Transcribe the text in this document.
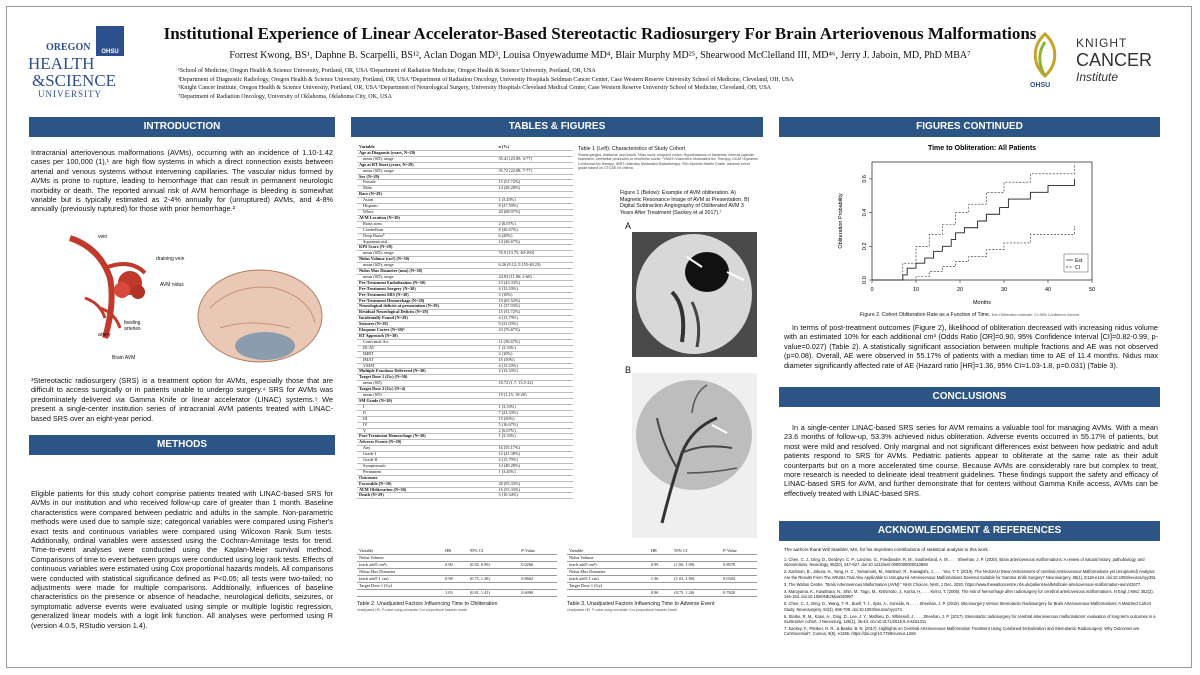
OHSU
OREGON
HEALTH
&SCIENCE
UNIVERSITY
Institutional Experience of Linear Accelerator-Based Stereotactic Radiosurgery For Brain Arteriovenous Malformations
Forrest Kwong, BS¹, Daphne B. Scarpelli, BS¹², Aclan Dogan MD³, Louisa Onyewadume MD⁴, Blair Murphy MD²⁵, Shearwood McClelland III, MD⁴⁶, Jerry J. Jaboin, MD, PhD MBA⁷
¹School of Medicine, Oregon Health & Science University, Portland, OR, USA ²Department of Radiation Medicine, Oregon Health & Science University, Portland, OR, USA
³Department of Diagnostic Radiology, Oregon Health & Science University, Portland, OR, USA ⁴Department of Radiation Oncology, University Hospitals Seidman Cancer Center, Case Western Reserve University School of Medicine, Cleveland, OH, USA
⁵Knight Cancer Institute, Oregon Health & Science University, Portland, OR, USA ⁶Department of Neurological Surgery, University Hospitals Cleveland Medical Center, Case Western Reserve University School of Medicine, Cleveland, OH, USA
⁷Department of Radiation Oncology, University of Oklahoma, Oklahoma City, OK, USA
OHSU
KNIGHT
CANCER
Institute
INTRODUCTION
Intracranial arteriovenous malformations (AVMs), occurring with an incidence of 1.10-1.42 cases per 100,000 (1),¹ are high flow systems in which a direct connection exists between arterial and venous systems without intervening capillaries. The vascular nidus formed by AVMs is prone to rupture, leading to hemorrhage that can result in permanent neurologic morbidity or death. The reported annual risk of AVM hemorrhage is bleeding is somewhat variable but is typically estimated as 2-4% annually for (unruptured) AVMs, and 4-8% annually (previously ruptured) for those with prior hemorrhage.²
vein
draining vein
AVM nidus
feeding arteries
artery
Brain AVM
³Stereotactic radiosurgery (SRS) is a treatment option for AVMs, especially those that are difficult to access surgically or in patients unable to undergo surgery.⁴ SRS for AVMs was predominately delivered via Gamma Knife or linear accelerator (LINAC) systems.⁵ We present a single-center institution series of intracranial AVM patients treated with LINAC-based SRS over an eight-year period.
METHODS
Eligible patients for this study cohort comprise patients treated with LINAC-based SRS for AVMs in our institution and who received follow-up care of greater than 1 month. Baseline characteristics were compared between pediatric and adults in the sample. Non-parametric methods were used due to sample size; categorical variables were compared using Fisher's exact tests and continuous variables were compared using Wilcoxon Rank Sum tests. Additionally, ordinal variables were assessed using the Cochran-Armitage tests for trend. Time-to-event analyses were conducted using the Kaplan-Meier survival method. Comparisons of time to event between groups were conducted using log rank tests. Effects of continuous variables were estimated using Cox proportional hazards models. All comparisons were conducted with statistical significance defined as P<0.05; all tests were two-tailed; no adjustments were made for multiple comparisons. Additionally, influences of baseline characteristics on the presence or absence of headache, neurological deficits, seizures, or symptomatic adverse events were evaluated using simple or multiple logistic regression, generalized linear models with a logit link function. All analyses were performed using R (version 4.0.5, RStudio version 1.4).
TABLES & FIGURES
Variable	n (%)
Age at Diagnosis (years, N=29)	
mean (SD); range	35.41 (23.89; 4-77)
Age at RT Start (years, N=29)	
mean (SD); range	35.72 (22.08; 7-77)
Sex (N=29)	
Female	15 (51.72%)
Male	14 (48.28%)
Race (N=29)	
Asian	1 (3.45%)
Hispanic	8 (27.59%)
White	20 (68.97%)
AVM Location (N=30)	
Brain stem	2 (6.67%)
Cerebellum	8 (26.67%)
Deep Brain*	6 (20%)
Supratentorial	14 (46.67%)
KPS Score (N=29)	
mean (SD); range	76.9 (13.75; 40-100)
Nidus Volume (cm³) (N=30)	
mean (SD); range	6.26 (9.12; 0.155-40.23)
Nidus Max Diameter (mm) (N=30)	
mean (SD); range	24.83 (11.86; 2-60)
Pre-Treatment Embolization (N=30)	13 (43.33%)
Pre-Treatment Surgery (N=30)	4 (13.33%)
Pre-Treatment SRS (N=30)	3 (10%)
Pre-Treatment Hemorrhage (N=29)	19 (65.52%)
Neurological deficits at presentation (N=29)	11 (37.93%)
Residual Neurological Deficits (N=29)	15 (51.72%)
Incidentally Found (N=29)	4 (13.79%)
Seizures (N=29)	9 (31.03%)
Eloquent Cortex (N=30)ᵇ	23 (76.67%)
RT Approach (N=30)	
Conformal Arc	11 (36.67%)
DCAT	1 (3.33%)
IMRT	2 (10%)
IMAT	15 (50%)
VMAT	4 (13.33%)
Multiple Fractions Delivered (N=30)	4 (13.33%)
Target Dose 1 (Gy) (N=30)	
mean (SD)	18.72 (1.7; 13.5-22)
Target Dose 2 (Gy) (N=4)	
mean (SD)	19 (1.15; 18-20)
SM Grade (N=30)	
I	1 (3.33%)
II	7 (23.33%)
III	15 (50%)
IV	5 (16.67%)
V	2 (6.67%)
Post-Treatment Hemorrhage (N=30)	1 (3.33%)
Adverse Events (N=29)	
Any	16 (55.17%)
Grade I	12 (41.38%)
Grade II	4 (13.79%)
Symptomatic	14 (48.28%)
Permanent	1 (3.45%)
Outcomes	
Favorable (N=30)	28 (93.33%)
AVM Obliteration (N=30)	16 (53.33%)
Death (N=29)	3 (10.34%)
Table 1 (Left): Characteristics of Study Cohort
*Basal ganglia, thalamus, and insula. ᵇAlso used: eloquent cortex; Hypothalamus or thalamus; internal capsule; brainstem; cerebellar peduncles or cerebellar nuclei. ᶜVMAT=Volumetric Modulated Arc Therapy; DCAT=Dynamic Conformal Arc therapy; IMRT=Intensity Modulated Radiotherapy; SM=Spetzler-Martin Grade. Adverse event grade based on CTCAE v5 criteria.
Figure 1 (Below): Example of AVM obliteration. A) Magnetic Resonance Image of AVM at Presentation. B) Digital Subtraction Angiography of Obliterated AVM 3 Years After Treatment (Sackey et al 2017).⁷
A
B
Variable	HR	95% CI	P-Value
Nidus Volume			
(each add'l cm³)	0.90	(0.82, 0.99)	0.0266
Nidus Max Diameter			
(each add'l 1 cm)	0.98	(0.75, 1.28)	0.8662
Target Dose 1 (Gy)			
	1.03	(0.81, 1.41)	0.6090
Table 2. Unadjusted Factors Influencing Time to Obliteration
Unadjusted HR, P-value using univariate Cox proportional hazards model
Variable	HR	95% CI	P-Value
Nidus Volume			
(each add'l cm³)	0.99	(1.00, 1.09)	0.8978
Nidus Max Diameter			
(each add'l 1 cm)	1.36	(1.03, 1.80)	0.0304
Target Dose 1 (Gy)			
	0.96	(0.75, 1.26)	0.7820
Table 3. Unadjusted Factors Influencing Time to Adverse Event
Unadjusted HR, P-value using univariate Cox proportional hazards model
FIGURES CONTINUED
Time to Obliteration: All Patients
Months
Obliteration Probability
0	10	20	30	40	50
0.0
0.2
0.4
0.6
Est
CI
Figure 2. Cohort Obliteration Rate as a Function of Time. Est=Obliteration estimate; CI=95% Confidence Interval
In terms of post-treatment outcomes (Figure 2), likelihood of obliteration decreased with increasing nidus volume with an estimated 10% for each additional cm³ (Odds Ratio [OR]=0.90, 95% Confidence Interval [CI]=0.82-0.99, p-value=0.027) (Table 2). A statistically significant association between multiple fractions and AE was not observed (p=0.08). Overall, AE were observed in 55.17% of patients with a median time to AE of 11.4 months. Nidus max diameter significantly affected rate of AE (Hazard ratio [HR]=1.36, 95% CI=1.03-1.8, p=0.031) (Table 3).
CONCLUSIONS
In a single-center LINAC-based SRS series for AVM remains a valuable tool for managing AVMs. With a mean 23.6 months of follow-up, 53.3% achieved nidus obliteration. Adverse events occurred in 55.17% of patients, but most were mild and resolved. Only marginal and not significant differences exist between how pediatric and adult patients respond to SRS for AVMs. Pediatric patients appear to obliterate at the same rate as their adult counterparts but on a more accelerated time course. Because AVMs are considerably rare but complex to treat, more research is needed to delineate ideal treatment guidelines. These findings support the safety and efficacy of LINAC-based SRS for AVM, and further demonstrate that for centers without Gamma Knife access, AVMs can be effectively treated with LINAC-based SRS.
ACKNOWLEDGMENT & REFERENCES
The authors thank Will Staebler, MS, for his important contributions of statistical analysis to this work.
1. Chen, C. J., Ding, D., Derdeyn, C. P., Lanzino, G., Friedlander, R. M., Southerland, A. M., . . . Sheehan, J. P. (2020). Brain arteriovenous malformations: A review of natural history, pathobiology, and interventions. Neurology, 95(20), 917-927. doi:10.1212/wnl.0000000000010968
2. Karlsson, B., Jokura, H., Yang, H. C., Yamamoto, M., Martinez, R., Kawagishi, J., . . . Yao, T. T. (2019). The NASSAU (New ASSessment of cerebral Arteriovenous Malformations yet Unruptured) Analysis: Are the Results From The ARUBA Trial Also Applicable to Unruptured Arteriovenous Malformations Deemed Suitable for Gamma Knife Surgery? Neurosurgery, 85(1), E118-e124. doi:10.1093/neuros/nyy391
3. The Walton Centre. "Brain Arteriovenous Malformation (AVM)." NHS Choices, NHS, 1 Dec. 2020, https://www.thewaltoncentre.nhs.uk/patient-leaflets/brain-arteriovenous-malformation-avm/42677.
4. Maruyama, K., Kawahara, N., Shin, M., Tago, M., Kishimoto, J., Kurita, H., . . . Kirino, T. (2005). The risk of hemorrhage after radiosurgery for cerebral arteriovenous malformations. N Engl J Med, 352(2), 146-153. doi:10.1056/NEJMoa040907
5. Chen, C. J., Ding, D., Wang, T. R., Buell, T. J., Ilyas, A., Ironside, N., . . . Sheehan, J. P. (2019). Microsurgery Versus Stereotactic Radiosurgery for Brain Arteriovenous Malformations: A Matched Cohort Study. Neurosurgery, 84(3), 696-708. doi:10.1093/neuros/nyy174
6. Starke, R. M., Kano, H., Ding, D., Lee, J. Y., Mathieu, D., Whitesell, J., . . . Sheehan, J. P. (2017). Stereotactic radiosurgery for cerebral arteriovenous malformations: evaluation of long-term outcomes in a multicenter cohort. J Neurosurg, 126(1), 36-44. doi:10.3171/2015.9.Jns151311
7. Sackey, F., Pinsker, N. R., & Baako, B. N. (2017). Highlights on Cerebral Arteriovenous Malformation Treatment Using Combined Embolization and Stereotactic Radiosurgery: Why Outcomes are Controversial?. Cureus, 9(5), e1266. https://doi.org/10.7759/cureus.1266
